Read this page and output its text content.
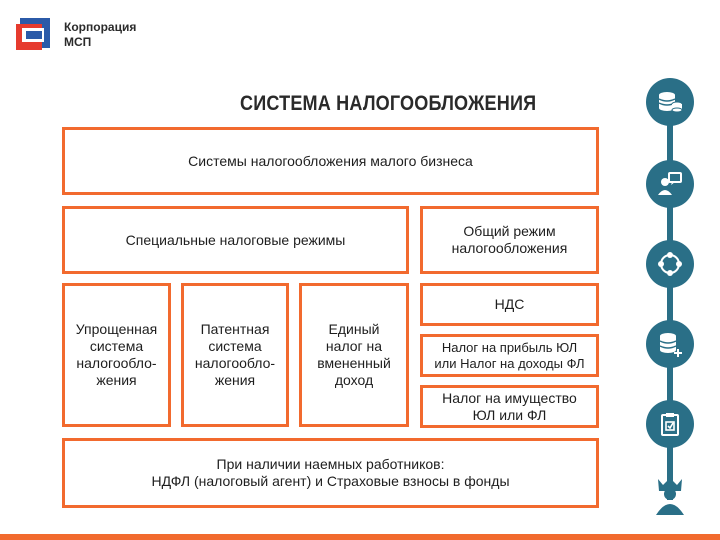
Корпорация
МСП
СИСТЕМА НАЛОГООБЛОЖЕНИЯ
Системы налогообложения малого бизнеса
Специальные налоговые режимы
Общий режим
налогообложения
Упрощенная
система
налогообло-
жения
Патентная
система
налогообло-
жения
Единый
налог на
вмененный
доход
НДС
Налог на прибыль ЮЛ
или Налог на доходы ФЛ
Налог на имущество
ЮЛ или ФЛ
При наличии наемных работников:
НДФЛ (налоговый агент) и Страховые взносы в фонды
